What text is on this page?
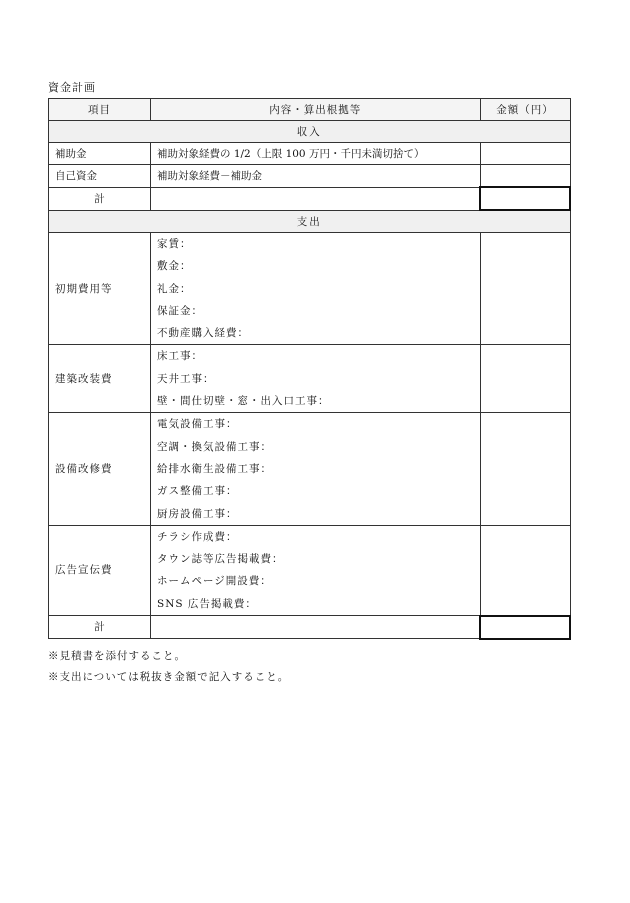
資金計画
項目	内容・算出根拠等	金額（円）
収入		
補助金	補助対象経費の 1/2（上限 100 万円・千円未満切捨て）	
自己資金	補助対象経費－補助金	
計		
支出		
初期費用等	家賃：
敷金：
礼金：
保証金：
不動産購入経費：	

建築改装費	床工事：
天井工事：
壁・間仕切壁・窓・出入口工事：	

設備改修費	電気設備工事：
空調・換気設備工事：
給排水衛生設備工事：
ガス整備工事：
厨房設備工事：	

広告宣伝費	チラシ作成費：
タウン誌等広告掲載費：
ホームページ開設費：
SNS 広告掲載費：	

計		
※見積書を添付すること。
※支出については税抜き金額で記入すること。
